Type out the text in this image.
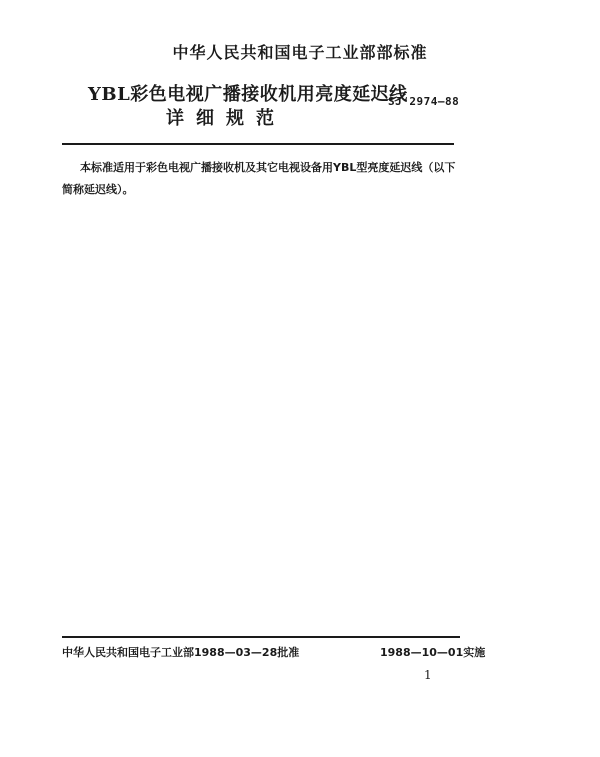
中华人民共和国电子工业部部标准
YBL彩色电视广播接收机用亮度延迟线
详细规范
SJ 2974—88
本标准适用于彩色电视广播接收机及其它电视设备用YBL型亮度延迟线（以下简称延迟线）。
中华人民共和国电子工业部1988—03—28批准	1988—10—01实施
1
